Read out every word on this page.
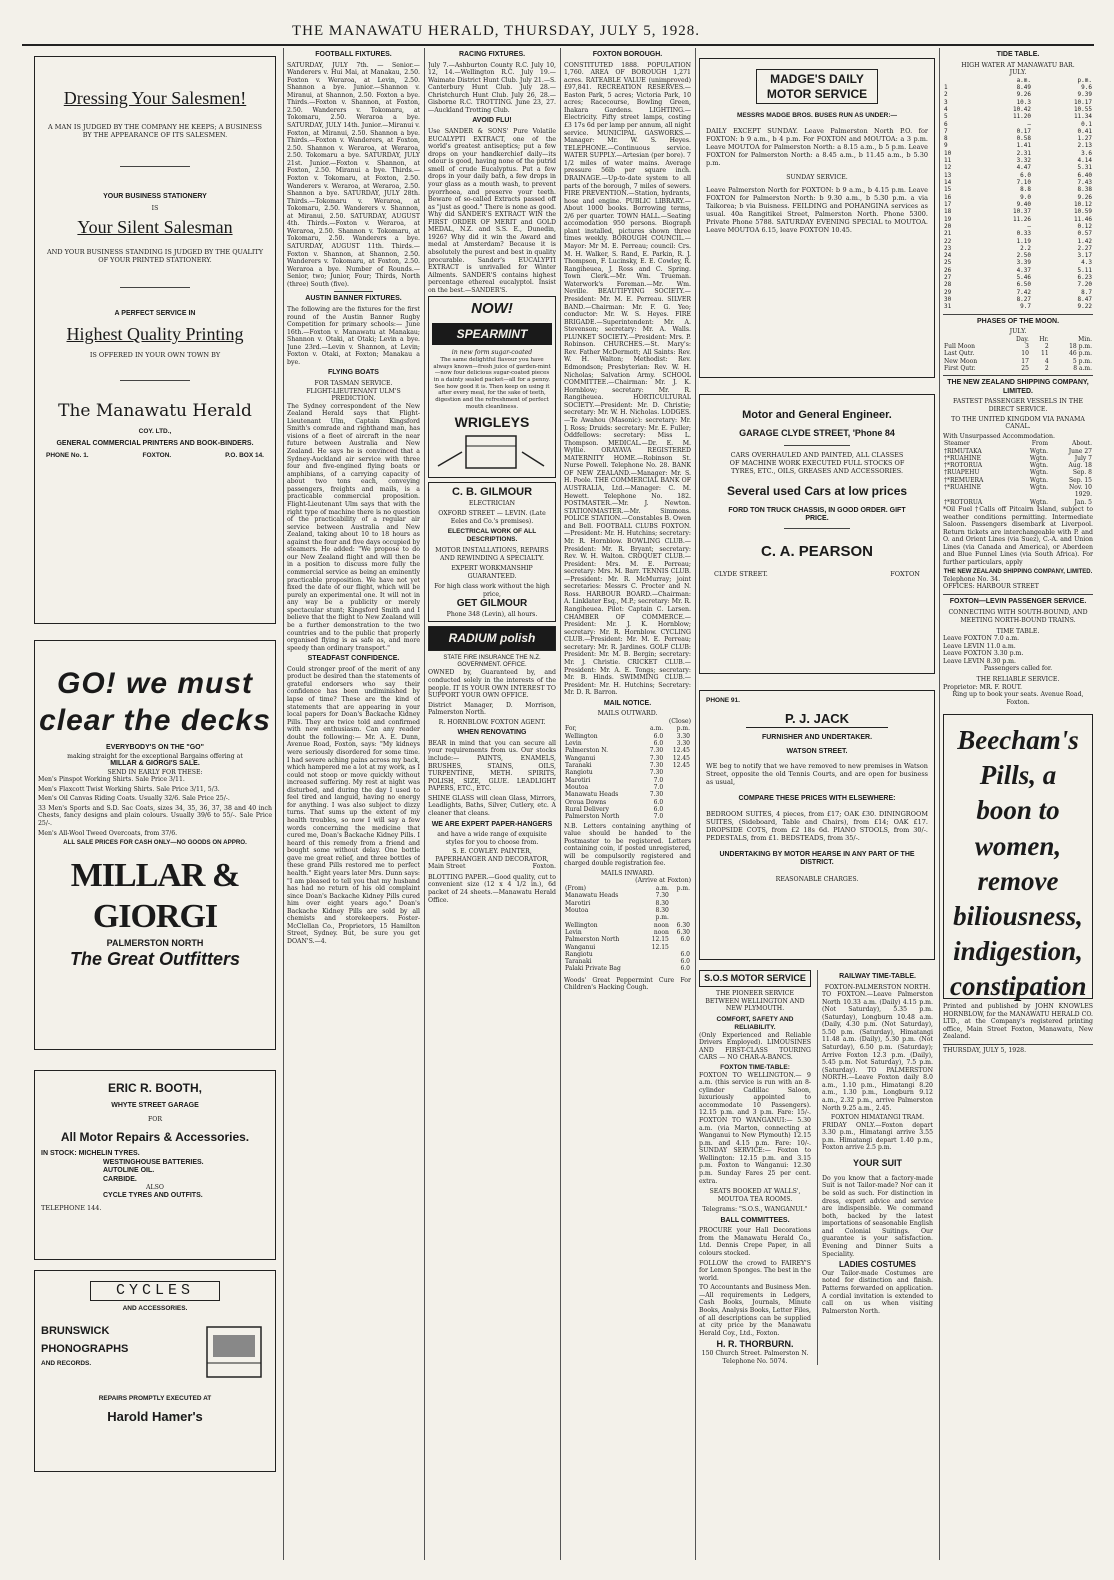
THE MANAWATU HERALD, THURSDAY, JULY 5, 1928.
Dressing Your Salesmen!

A MAN IS JUDGED BY THE COMPANY HE KEEPS; A BUSINESS BY THE APPEARANCE OF ITS SALESMEN.

YOUR BUSINESS STATIONERY
IS
Your Silent Salesman

AND YOUR BUSINESS STANDING IS JUDGED BY THE QUALITY OF YOUR PRINTED STATIONERY.

A PERFECT SERVICE IN
Highest Quality Printing
IS OFFERED IN YOUR OWN TOWN BY
The Manawatu Herald
COY. LTD.,
GENERAL COMMERCIAL PRINTERS AND BOOK-BINDERS.
PHONE No. 1.	FOXTON.	P.O. BOX 14.
GO! we must clear the decks
EVERYBODY'S ON THE "GO"
making straight for the exceptional Bargains offering at
MILLAR & GIORGI'S SALE.
SEND IN EARLY FOR THESE:

Men's Pinspot Working Shirts. Sale Price 3/11.

Men's Flaxcott Twist Working Shirts. Sale Price 3/11, 5/3.

Men's Oil Canvas Riding Coats. Usually 32/6. Sale Price 25/-.

33 Men's Sports and S.D. Sac Coats, sizes 34, 35, 36, 37, 38 and 40 inch Chests, fancy designs and plain colours. Usually 39/6 to 55/-. Sale Price 25/-.

Men's All-Wool Tweed Overcoats, from 37/6.

ALL SALE PRICES FOR CASH ONLY—NO GOODS ON APPRO.

MILLAR & GIORGI
PALMERSTON NORTH
The Great Outfitters
ERIC R. BOOTH,
WHYTE STREET GARAGE
FOR
All Motor Repairs & Accessories.
IN STOCK: MICHELIN TYRES.
WESTINGHOUSE BATTERIES.
AUTOLINE OIL.
CARBIDE.
ALSO
CYCLE TYRES AND OUTFITS.
TELEPHONE 144.
CYCLES
AND ACCESSORIES.
BRUNSWICK
PHONOGRAPHS
AND RECORDS.
REPAIRS PROMPTLY EXECUTED AT
Harold Hamer's
FOOTBALL FIXTURES.

SATURDAY, JULY 7th. — Senior.—Wanderers v. Hui Mai, at Manakau, 2.50. Foxton v. Weraroa, at Levin, 2.50. Shannon a bye. Junior.—Shannon v. Miranui, at Shannon, 2.50. Foxton a bye. Thirds.—Foxton v. Shannon, at Foxton, 2.50. Wanderers v. Tokomaru, at Tokomaru, 2.50. Weraroa a bye. SATURDAY, JULY 14th. Junior.—Miranui v. Foxton, at Miranui, 2.50. Shannon a bye. Thirds.—Foxton v. Wanderers, at Foxton, 2.50. Shannon v. Weraroa, at Weraroa, 2.50. Tokomaru a bye. SATURDAY, JULY 21st. Junior.—Foxton v. Shannon, at Foxton, 2.50. Miranui a bye. Thirds.—Foxton v. Tokomaru, at Foxton, 2.50. Wanderers v. Weraroa, at Weraroa, 2.50. Shannon a bye. SATURDAY, JULY 28th. Thirds.—Tokomaru v. Weraroa, at Tokomaru, 2.50. Wanderers v. Shannon, at Miranui, 2.50. SATURDAY, AUGUST 4th. Thirds.—Foxton v. Weraroa, at Weraroa, 2.50. Shannon v. Tokomaru, at Tokomaru, 2.50. Wanderers a bye. SATURDAY, AUGUST 11th. Thirds.—Foxton v. Shannon, at Shannon, 2.50. Wanderers v. Tokomaru, at Foxton, 2.50. Weraroa a bye. Number of Rounds.—Senior, two; Junior, Four; Thirds, North (three) South (five).

AUSTIN BANNER FIXTURES.

The following are the fixtures for the first round of the Austin Banner Rugby Competition for primary schools:— June 16th.—Foxton v. Manawatu at Manakau; Shannon v. Otaki, at Otaki; Levin a bye. June 23rd.—Levin v. Shannon, at Levin; Foxton v. Otaki, at Foxton; Manakau a bye.

FLYING BOATS
FOR TASMAN SERVICE.
FLIGHT-LIEUTENANT ULM'S PREDICTION.

The Sydney correspondent of the New Zealand Herald says that Flight-Lieutenant Ulm, Captain Kingsford Smith's comrade and righthand man, has visions of a fleet of aircraft in the near future between Australia and New Zealand. He says he is convinced that a Sydney-Auckland air service with three four and five-engined flying boats or amphibians, of a carrying capacity of about two tons each, conveying passengers, freights and mails, is a practicable commercial proposition. Flight-Lieutenant Ulm says that with the right type of machine there is no question of the practicability of a regular air service between Australia and New Zealand, taking about 10 to 18 hours as against the four and five days occupied by steamers. He added: "We propose to do our New Zealand flight and will then be in a position to discuss more fully the commercial service as being an eminently practicable proposition. We have not yet fixed the date of our flight, which will be purely an experimental one. It will not in any way be a publicity or merely spectacular stunt; Kingsford Smith and I believe that the flight to New Zealand will be a further demonstration to the two countries and to the public that properly organised flying is as safe as, and more speedy than ordinary transport."

STEADFAST CONFIDENCE.

Could stronger proof of the merit of any product be desired than the statements of grateful endorsers who say their confidence has been undiminished by lapse of time? These are the kind of statements that are appearing in your local papers for Doan's Backache Kidney Pills. They are twice told and confirmed with new enthusiasm. Can any reader doubt the following:— Mr. A. E. Dunn, Avenue Road, Foxton, says: "My kidneys were seriously disordered for some time. I had severe aching pains across my back, which hampered me a lot at my work, as I could not stoop or move quickly without increased suffering. My rest at night was disturbed, and during the day I used to feel tired and languid, having no energy for anything. I was also subject to dizzy turns. That sums up the extent of my health troubles, so now I will say a few words concerning the medicine that cured me, Doan's Backache Kidney Pills. I heard of this remedy from a friend and bought some without delay. One bottle gave me great relief, and three bottles of these grand Pills restored me to perfect health." Eight years later Mrs. Dunn says: "I am pleased to tell you that my husband has had no return of his old complaint since Doan's Backache Kidney Pills cured him over eight years ago." Doan's Backache Kidney Pills are sold by all chemists and storekeepers. Foster-McClellan Co., Proprietors, 15 Hamilton Street, Sydney. But, be sure you get DOAN'S.—4.

RACING FIXTURES.

July 7.—Ashburton County R.C. July 10, 12, 14.—Wellington R.C. July 19.—Waimate District Hunt Club. July 21.—S. Canterbury Hunt Club. July 28.—Christchurch Hunt Club. July 26, 28.—Gisborne R.C. TROTTING. June 23, 27.—Auckland Trotting Club.

AVOID FLU!

Use SANDER & SONS' Pure Volatile EUCALYPTI EXTRACT, one of the world's greatest antiseptics; put a few drops on your handkerchief daily—its odour is good, having none of the putrid smell of crude Eucalyptus. Put a few drops in your daily bath, a few drops in your glass as a mouth wash, to prevent pyorrhoea, and preserve your teeth. Beware of so-called Extracts passed off as "just as good." There is none as good. Why did SANDER'S EXTRACT WIN the FIRST ORDER OF MERIT and GOLD MEDAL, N.Z. and S.S. E., Dunedin, 1926? Why did it win the Award and medal at Amsterdam? Because it is absolutely the purest and best in quality procurable. Sander's EUCALYPTI EXTRACT is unrivalled for Winter Ailments. SANDER'S contains highest percentage ethereal eucalyptol. Insist on the best.—SANDER'S.

NOW!
SPEARMINT
in new form sugar-coated

The same delightful flavour you have always known—fresh juice of garden-mint—now four delicious sugar-coated pieces in a dainty sealed packet—all for a penny. See how good it is. Then keep on using it after every meal, for the sake of teeth, digestion and the refreshment of perfect mouth cleanliness.

WRIGLEYS
C. B. GILMOUR
ELECTRICIAN
OXFORD STREET — LEVIN. (Late Eeles and Co.'s premises).
ELECTRICAL WORK OF ALL DESCRIPTIONS.
MOTOR INSTALLATIONS, REPAIRS AND REWINDING A SPECIALTY.
EXPERT WORKMANSHIP GUARANTEED.
For high class work without the high price,
GET GILMOUR
Phone 348 (Levin), all hours.
RADIUM polish
STATE FIRE INSURANCE THE N.Z. GOVERNMENT. OFFICE.

OWNED by, Guaranteed by, and conducted solely in the interests of the people. IT IS YOUR OWN INTEREST TO SUPPORT YOUR OWN OFFICE.

District Manager, D. Morrison, Palmerston North.

R. HORNBLOW. FOXTON AGENT.
WHEN RENOVATING

BEAR in mind that you can secure all your requirements from us. Our stocks include:— PAINTS, ENAMELS, BRUSHES, STAINS, OILS, TURPENTINE, METH. SPIRITS, POLISH, SIZE, GLUE. LEADLIGHT PAPERS, ETC., ETC.

SHINE GLASS will clean Glass, Mirrors, Leadlights, Baths, Silver, Cutlery, etc. A cleaner that cleans.

WE ARE EXPERT PAPER-HANGERS

and have a wide range of exquisite styles for you to choose from.

S. E. COWLEY. PAINTER, PAPERHANGER AND DECORATOR,
Main Street	Foxton.

BLOTTING PAPER.—Good quality, cut to convenient size (12 x 4 1/2 in.), 6d packet of 24 sheets.—Manawatu Herald Office.

FOXTON BOROUGH.

CONSTITUTED 1888. POPULATION 1,760. AREA OF BOROUGH 1,271 acres. RATEABLE VALUE (unimproved) £97,841. RECREATION RESERVES.—Easton Park, 5 acres; Victoria Park, 10 acres; Racecourse, Bowling Green, Ihakara Gardens. LIGHTING.—Electricity. Fifty street lamps, costing £3 17s 6d per lamp per annum, all night service. MUNICIPAL GASWORKS.—Manager: Mr. W. S. Heyes. TELEPHONE.—Continuous service. WATER SUPPLY.—Artesian (per bore). 7 1/2 miles of water mains. Average pressure 56lb per square inch. DRAINAGE.—Up-to-date system to all parts of the borough, 7 miles of sewers. FIRE PREVENTION.—Station, hydrants, hose and engine. PUBLIC LIBRARY.—About 1000 books. Borrowing terms, 2/6 per quarter. TOWN HALL.—Seating accomodation 950 persons. Biograph plant installed, pictures shown three times weekly. BOROUGH COUNCIL.—Mayor: Mr M. E. Perreau; council: Crs. M. H. Walker, S. Rand, E. Parkin, R. J. Thompson, F. Lucinsky, E. E. Cowley, R. Rangiheuea, J. Ross and C. Spring. Town Clerk.—Mr. Wm. Trueman. Waterwork's Foreman.—Mr. Wm. Neville. BEAUTIFYING SOCIETY.—President: Mr. M. E. Perreau. SILVER BAND.—Chairman: Mr. F. G. Yeo; conductor: Mr. W. S. Heyes. FIRE BRIGADE.—Superintendent: Mr. A. Stevenson; secretary: Mr. A. Walls. PLUNKET SOCIETY.—President: Mrs. P. Robinson. CHURCHES.—St. Mary's: Rev. Father McDermott; All Saints: Rev. W. H. Walton; Methodist: Rev. Edmondson; Presbyterian: Rev. W. H. Nicholas; Salvation Army. SCHOOL COMMITTEE.—Chairman: Mr. J. K. Hornblow; secretary: Mr. R. Rangiheuea. HORTICULTURAL SOCIETY.—President: Mr. D. Christie; secretary: Mr. W. H. Nicholas. LODGES.—Te Awahou (Masonic): secretary: Mr. J. Ross; Druids: secretary: Mr. E. Fuller; Oddfellows: secretary: Miss L. Thompson. MEDICAL.—Dr. E. M. Wyllie. ORAYAVA REGISTERED MATERNITY HOME.—Robinson St. Nurse Powell. Telephone No. 28. BANK OF NEW ZEALAND.—Manager: Mr. S. H. Poole. THE COMMERCIAL BANK OF AUSTRALIA, Ltd.—Manager: C. M. Hewett. Telephone No. 182. POSTMASTER.—Mr. J. Newton. STATIONMASTER.—Mr. Simmons. POLICE STATION.—Constables B. Owen and Bell. FOOTBALL CLUBS FOXTON.—President: Mr. H. Hutchins; secretary: Mr. R. Hornblow. BOWLING CLUB.—President: Mr. R. Bryant; secretary: Rev. W. H. Walton. CROQUET CLUB.—President: Mrs. M. E. Perreau; secretary: Mrs. M. Barr. TENNIS CLUB.—President: Mr. R. McMurray; joint secretaries: Messrs C. Procter and N. Ross. HARBOUR BOARD.—Chairman: A. Linklater Esq., M.P.; secretary: Mr. R. Rangiheuea. Pilot: Captain C. Larsen. CHAMBER OF COMMERCE.—President: Mr. J. K. Hornblow; secretary: Mr. R. Hornblow. CYCLING CLUB.—President: Mr. M. E. Perreau; secretary: Mr. R. Jardines. GOLF CLUB: President: Mr. M. B. Bergin; secretary: Mr. J. Christie. CRICKET CLUB.—President: Mr. A. E. Tongs; secretary: Mr. B. Hinds. SWIMMING CLUB.—President: Mr. H. Hutchins; Secretary: Mr. D. R. Barron.

MAIL NOTICE.
MAILS OUTWARD.
(Close)
For,	a.m.	p.m.
Wellington	6.0	3.30
Levin	6.0	3.30
Palmerston N.	7.30	12.45
Wanganui	7.30	12.45
Taranaki	7.30	12.45
Rangiotu	7.30	
Marotiri	7.0	
Moutoa	7.0	
Manawatu Heads	7.30	
Oroua Downs	6.0	
Rural Delivery	6.0	
Palmerston North	7.0	

N.B. Letters containing anything of value should be handed to the Postmaster to be registered. Letters containing coin, if posted unregistered, will be compulsorily registered and charged double registration fee.

MAILS INWARD.
(Arrive at Foxton)
(From)	a.m.	p.m.
Manawatu Heads	7.30	
Marotiri	8.30	
Moutoa	8.30	
	p.m.	
Wellington	noon	6.30
Levin	noon	6.30
Palmerston North	12.15	6.0
Wanganui	12.15	
Rangiotu		6.0
Taranaki		6.0
Palaki Private Bag		6.0

Woods' Great Peppermint Cure For Children's Hacking Cough.

MADGE'S DAILY MOTOR SERVICE
MESSRS MADGE BROS. BUSES RUN AS UNDER:—

DAILY EXCEPT SUNDAY. Leave Palmerston North P.O. for FOXTON: b 9 a.m., b 4 p.m. For FOXTON and MOUTOA: a 3 p.m. Leave MOUTOA for Palmerston North: a 8.15 a.m., b 5 p.m. Leave FOXTON for Palmerston North: a 8.45 a.m., b 11.45 a.m., b 5.30 p.m.

SUNDAY SERVICE.

Leave Palmerston North for FOXTON: b 9 a.m., b 4.15 p.m. Leave FOXTON for Palmerston North: b 9.30 a.m., b 5.30 p.m. a via Taikorea; b via Buisness. FEILDING and POHANGINA services as usual. 40a Rangitikei Street, Palmerston North. Phone 5300. Private Phone 5788. SATURDAY EVENING SPECIAL to MOUTOA. Leave MOUTOA 6.15, leave FOXTON 10.45.

Motor and General Engineer.
GARAGE CLYDE STREET, 'Phone 84
CARS OVERHAULED AND PAINTED, ALL CLASSES OF MACHINE WORK EXECUTED FULL STOCKS OF TYRES, ETC., OILS, GREASES AND ACCESSORIES.
Several used Cars at low prices
FORD TON TRUCK CHASSIS, IN GOOD ORDER. GIFT PRICE.
C. A. PEARSON
CLYDE STREET.	FOXTON
PHONE 91.
P. J. JACK
FURNISHER AND UNDERTAKER.
WATSON STREET.

WE beg to notify that we have removed to new premises in Watson Street, opposite the old Tennis Courts, and are open for business as usual,

COMPARE THESE PRICES WITH ELSEWHERE:

BEDROOM SUITES, 4 pieces, from £17; OAK £30. DININGROOM SUITES, (Sideboard, Table and Chairs), from £14; OAK £17. DROPSIDE COTS, from £2 18s 6d. PIANO STOOLS, from 30/-. PEDESTALS, from £1. BEDSTEADS, from 35/-.

UNDERTAKING BY MOTOR HEARSE IN ANY PART OF THE DISTRICT.
REASONABLE CHARGES.
S.O.S MOTOR SERVICE
THE PIONEER SERVICE BETWEEN WELLINGTON AND NEW PLYMOUTH.
COMFORT, SAFETY AND RELIABILITY.

(Only Experienced and Reliable Drivers Employed). LIMOUSINES AND FIRST-CLASS TOURING CARS — NO CHAR-A-BANCS.

FOXTON TIME-TABLE:

FOXTON TO WELLINGTON.— 9 a.m. (this service is run with an 8-cylinder Cadillac Saloon, luxuriously appointed to accommodate 10 Passengers). 12.15 p.m. and 3 p.m. Fare: 15/-. FOXTON TO WANGANUI:— 5.30 a.m. (via Marton, connecting at Wanganui to New Plymouth) 12.15 p.m. and 4.15 p.m. Fare: 10/-. SUNDAY SERVICE:— Foxton to Wellington: 12.15 p.m. and 3.15 p.m. Foxton to Wanganui: 12.30 p.m. Sunday Fares 25 per cent. extra.

SEATS BOOKED AT WALLS', MOUTOA TEA ROOMS.
Telegrams: "S.O.S., WANGANUI."
BALL COMMITTEES.

PROCURE your Hall Decorations from the Manawatu Herald Co., Ltd. Dennis Crepe Paper, in all colours stocked.

FOLLOW the crowd to FAIREY'S for Lemon Sponges. The best in the world.

TO Accountants and Business Men. —All requirements in Ledgers, Cash Books, Journals, Minute Books, Analysis Books, Letter Files, of all descriptions can be supplied at city price by the Manawatu Herald Coy., Ltd., Foxton.

H. R. THORBURN.
150 Church Street. Palmerston N. Telephone No. 5074.
RAILWAY TIME-TABLE.
FOXTON-PALMERSTON NORTH.

TO FOXTON.—Leave Palmerston North 10.33 a.m. (Daily) 4.15 p.m. (Not Saturday), 5.35 p.m. (Saturday), Longburn 10.48 a.m. (Daily, 4.30 p.m. (Not Saturday), 5.50 p.m. (Saturday), Himatangi 11.48 a.m. (Daily), 5.30 p.m. (Not Saturday), 6.50 p.m. (Saturday); Arrive Foxton 12.3 p.m. (Daily), 5.45 p.m. Not Saturday), 7.5 p.m. (Saturday). TO PALMERSTON NORTH.—Leave Foxton daily 8.0 a.m., 1.10 p.m., Himatangi 8.20 a.m., 1.30 p.m., Longburn 9.12 a.m., 2.32 p.m., arrive Palmerston North 9.25 a.m., 2.45.

FOXTON HIMATANGI TRAM.

FRIDAY ONLY.—Foxton depart 3.30 p.m., Himatangi arrive 3.55 p.m. Himatangi depart 1.40 p.m., Foxton arrive 2.5 p.m.

YOUR SUIT

Do you know that a factory-made Suit is not Tailor-made? Nor can it be sold as such. For distinction in dress, expert advice and service are indispensible. We command both, backed by the latest importations of seasonable English and Colonial Suitings. Our guarantee is your satisfaction. Evening and Dinner Suits a Speciality.

LADIES COSTUMES

Our Tailor-made Costumes are noted for distinction and finish. Patterns forwarded on application. A cordial invitation is extended to call on us when visiting Palmerston North.

TIDE TABLE.
HIGH WATER AT MANAWATU BAR.
JULY.
	a.m.	p.m.
1	8.49	9.6
2	9.26	9.39
3	10.3	10.17
4	10.42	10.55
5	11.20	11.34
6	—	0.1
7	0.17	0.41
8	0.58	1.27
9	1.41	2.13
10	2.31	3.6
11	3.32	4.14
12	4.47	5.31
13	6.0	6.40
14	7.10	7.43
15	8.8	8.38
16	9.0	9.26
17	9.40	10.12
18	10.37	10.59
19	11.26	11.46
20	—	0.12
21	0.33	0.57
22	1.19	1.42
23	2.2	2.27
24	2.50	3.17
25	3.39	4.3
26	4.37	5.11
27	5.46	6.23
28	6.50	7.20
29	7.42	8.7
30	8.27	8.47
31	9.7	9.22
PHASES OF THE MOON.
JULY.
	Day.	Hr.	Min.
Full Moon	3	2	18 p.m.
Last Qutr.	10	11	46 p.m.
New Moon	17	4	5 p.m.
First Qutr.	25	2	8 a.m.
THE NEW ZEALAND SHIPPING COMPANY, LIMITED.
FASTEST PASSENGER VESSELS IN THE DIRECT SERVICE.
TO THE UNITED KINGDOM VIA PANAMA CANAL.
With Unsurpassed Accommodation.
Steamer	From	About.
†RIMUTAKA	Wgtn.	June 27
†*RUAHINE	Wgtn.	July 7
†*ROTORUA	Wgtn.	Aug. 18
†RUAPEHU	Wgtn.	Sep. 8
†*REMUERA	Wgtn.	Sep. 15
†*RUAHINE	Wgtn.	Nov. 10
		1929.
†*ROTORUA	Wgtn.	Jan. 5

*Oil Fuel †Calls off Pitcairn Island, subject to weather conditions permitting. Intermediate Saloon. Passengers disembark at Liverpool. Return tickets are interchangeable with P. and O. and Orient Lines (via Suez), C.-A. and Union Lines (via Canada and America), or Aberdeen and Blue Funnel Lines (via South Africa). For further particulars, apply

THE NEW ZEALAND SHIPPING COMPANY, LIMITED.
Telephone No. 34.
OFFICES: HARBOUR STREET
FOXTON—LEVIN PASSENGER SERVICE.
CONNECTING WITH SOUTH-BOUND, AND MEETING NORTH-BOUND TRAINS.
TIME TABLE.
Leave FOXTON 7.0 a.m.
Leave LEVIN 11.0 a.m.
Leave FOXTON 3.30 p.m.
Leave LEVIN 8.30 p.m.
Passengers called for.
THE RELIABLE SERVICE.
Proprietor: MR. F. ROUT.
Ring up to book your seats. Avenue Road, Foxton.
Beecham's Pills, a boon to women, remove biliousness, indigestion, constipation

Printed and published by JOHN KNOWLES HORNBLOW, for the MANAWATU HERALD CO. LTD., at the Company's registered printing office, Main Street Foxton, Manawatu, New Zealand.

THURSDAY, JULY 5, 1928.
